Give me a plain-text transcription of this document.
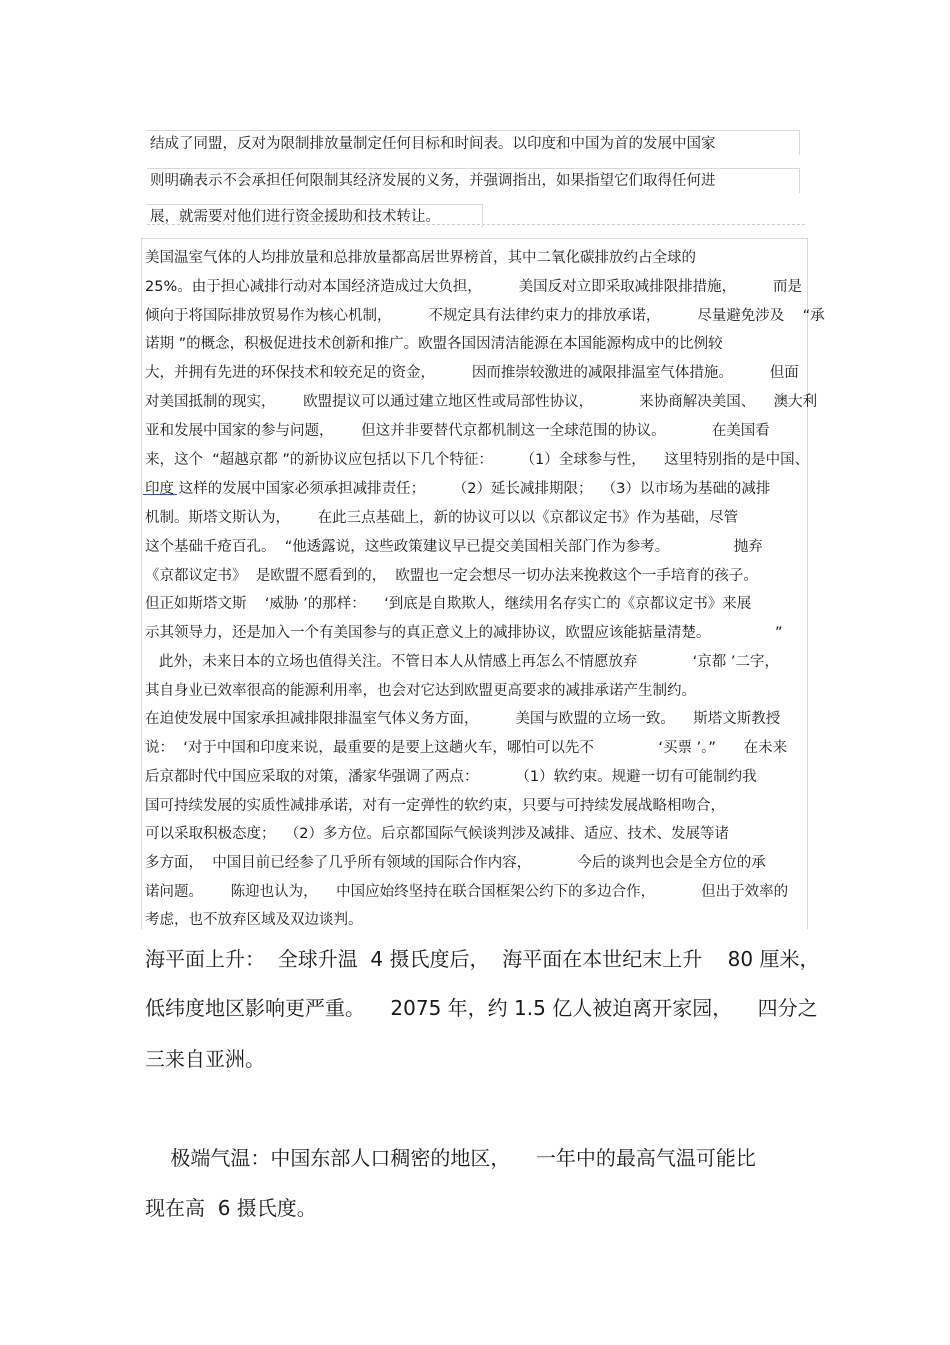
结成了同盟，反对为限制排放量制定任何目标和时间表。以印度和中国为首的发展中国家
则明确表示不会承担任何限制其经济发展的义务，并强调指出，如果指望它们取得任何进
展，就需要对他们进行资金援助和技术转让。
美国温室气体的人均排放量和总排放量都高居世界榜首，其中二氧化碳排放约占全球的
25%。由于担心减排行动对本国经济造成过大负担，        美国反对立即采取减排限排措施，        而是
倾向于将国际排放贸易作为核心机制，        不规定具有法律约束力的排放承诺，        尽量避免涉及    “承
诺期 ”的概念，积极促进技术创新和推广。欧盟各国因清洁能源在本国能源构成中的比例较
大，并拥有先进的环保技术和较充足的资金，        因而推崇较激进的减限排温室气体措施。        但面
对美国抵制的现实，      欧盟提议可以通过建立地区性或局部性协议，          来协商解决美国、    澳大利
亚和发展中国家的参与问题，      但这并非要替代京都机制这一全球范围的协议。          在美国看
来，这个  “超越京都 ”的新协议应包括以下几个特征：      （1）全球参与性，    这里特别指的是中国、
印度 这样的发展中国家必须承担减排责任；      （2）延长减排期限；  （3）以市场为基础的减排
机制。斯塔文斯认为，      在此三点基础上，新的协议可以以《京都议定书》作为基础，尽管
这个基础千疮百孔。  “他透露说，这些政策建议早已提交美国相关部门作为参考。              抛弃
《京都议定书》  是欧盟不愿看到的，  欧盟也一定会想尽一切办法来挽救这个一手培育的孩子。
但正如斯塔文斯    ‘威胁 ’的那样：    ‘到底是自欺欺人，继续用名存实亡的《京都议定书》来展
示其领导力，还是加入一个有美国参与的真正意义上的减排协议，欧盟应该能掂量清楚。              ”
此外，未来日本的立场也值得关注。不管日本人从情感上再怎么不情愿放弃            ‘京都 ’二字，
其自身业已效率很高的能源利用率，也会对它达到欧盟更高要求的减排承诺产生制约。
在迫使发展中国家承担减排限排温室气体义务方面，        美国与欧盟的立场一致。    斯塔文斯教授
说：  ‘对于中国和印度来说，最重要的是要上这趟火车，哪怕可以先不              ‘买票 ’。”      在未来
后京都时代中国应采取的对策，潘家华强调了两点：        （1）软约束。规避一切有可能制约我
国可持续发展的实质性减排承诺，对有一定弹性的软约束，只要与可持续发展战略相吻合，
可以采取积极态度；  （2）多方位。后京都国际气候谈判涉及减排、适应、技术、发展等诸
多方面，  中国目前已经参了几乎所有领域的国际合作内容，          今后的谈判也会是全方位的承
诺问题。      陈迎也认为，    中国应始终坚持在联合国框架公约下的多边合作，          但出于效率的
考虑，也不放弃区域及双边谈判。
海平面上升：  全球升温  4 摄氏度后，  海平面在本世纪末上升    80 厘米，
低纬度地区影响更严重。    2075 年，约 1.5 亿人被迫离开家园，    四分之
三来自亚洲。
极端气温：中国东部人口稠密的地区，    一年中的最高气温可能比
现在高  6 摄氏度。
